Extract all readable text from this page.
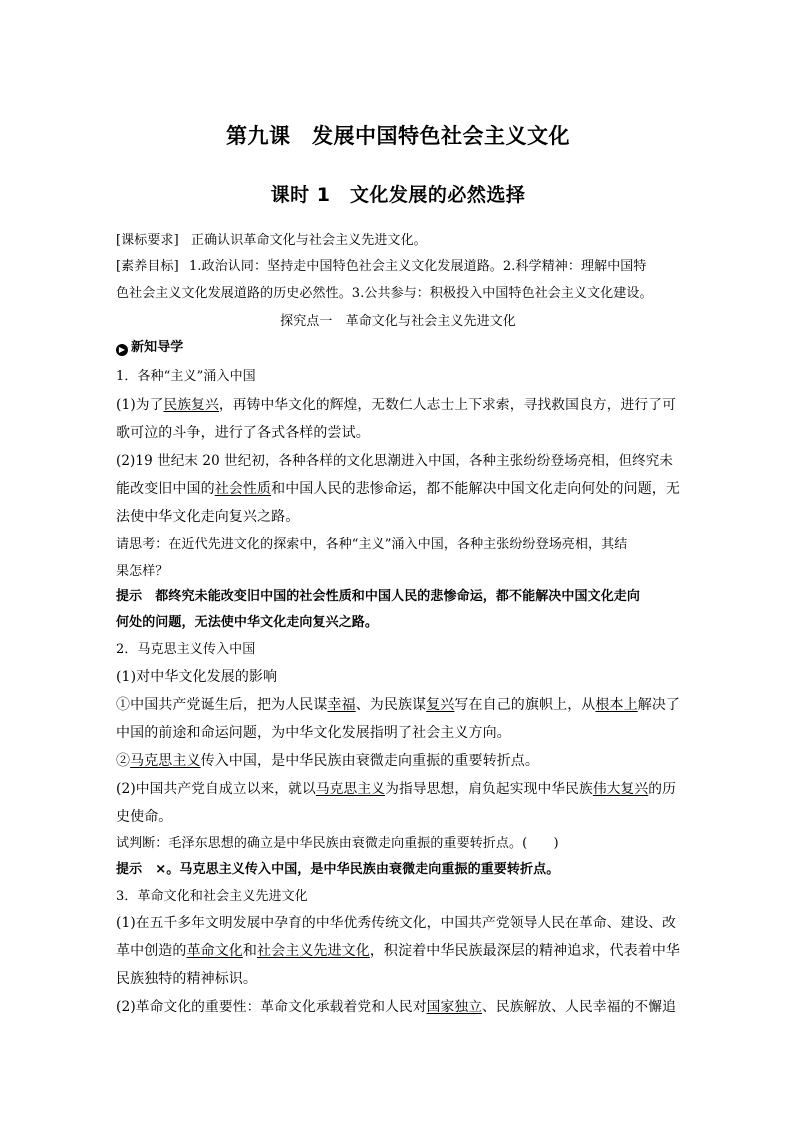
第九课　发展中国特色社会主义文化
课时 1　文化发展的必然选择
[课标要求] 正确认识革命文化与社会主义先进文化。
[素养目标] 1.政治认同：坚持走中国特色社会主义文化发展道路。2.科学精神：理解中国特
色社会主义文化发展道路的历史必然性。3.公共参与：积极投入中国特色社会主义文化建设。
探究点一　革命文化与社会主义先进文化
▶ 新知导学
1．各种“主义”涌入中国
(1)为了民族复兴，再铸中华文化的辉煌，无数仁人志士上下求索，寻找救国良方，进行了可
歌可泣的斗争，进行了各式各样的尝试。
(2)19 世纪末 20 世纪初，各种各样的文化思潮进入中国，各种主张纷纷登场亮相，但终究未
能改变旧中国的社会性质和中国人民的悲惨命运，都不能解决中国文化走向何处的问题，无
法使中华文化走向复兴之路。
请思考：在近代先进文化的探索中，各种“主义”涌入中国，各种主张纷纷登场亮相，其结
果怎样？
提示　都终究未能改变旧中国的社会性质和中国人民的悲惨命运，都不能解决中国文化走向
何处的问题，无法使中华文化走向复兴之路。
2．马克思主义传入中国
(1)对中华文化发展的影响
①中国共产党诞生后，把为人民谋幸福、为民族谋复兴写在自己的旗帜上，从根本上解决了
中国的前途和命运问题，为中华文化发展指明了社会主义方向。
②马克思主义传入中国，是中华民族由衰微走向重振的重要转折点。
(2)中国共产党自成立以来，就以马克思主义为指导思想，肩负起实现中华民族伟大复兴的历
史使命。
试判断：毛泽东思想的确立是中华民族由衰微走向重振的重要转折点。(　　)
提示　×。马克思主义传入中国，是中华民族由衰微走向重振的重要转折点。
3．革命文化和社会主义先进文化
(1)在五千多年文明发展中孕育的中华优秀传统文化，中国共产党领导人民在革命、建设、改
革中创造的革命文化和社会主义先进文化，积淀着中华民族最深层的精神追求，代表着中华
民族独特的精神标识。
(2)革命文化的重要性：革命文化承载着党和人民对国家独立、民族解放、人民幸福的不懈追
